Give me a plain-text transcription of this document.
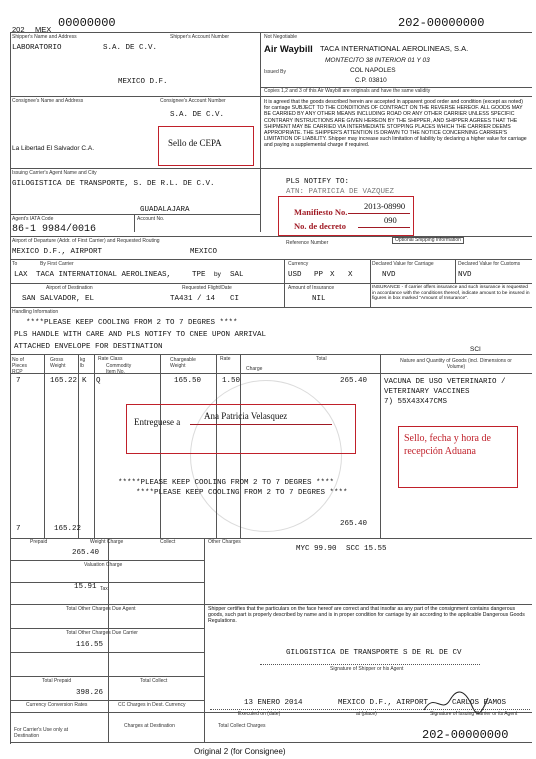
202 MEX 00000000	202-00000000
Shipper's Name and Address	Shipper's Account Number
LABORATORIO	S.A. DE C.V.
MEXICO D.F.
Not Negotiable
Air Waybill TACA INTERNATIONAL AEROLINEAS, S.A.
MONTECITO 38 INTERIOR 01 Y 03
COL NAPOLES
C.P. 03810
Issued By
Copies 1,2 and 3 of this Air Waybill are originals and have the same validity
Consignee's Name and Address	Consignee's Account Number
S.A. DE C.V.
La Libertad El Salvador C.A.
Sello de CEPA
It is agreed that the goods described herein are accepted in apparent good order and condition (except as noted) for carriage SUBJECT TO THE CONDITIONS OF CONTRACT ON THE REVERSE HEREOF. ALL GOODS MAY BE CARRIED BY ANY OTHER MEANS INCLUDING ROAD OR ANY OTHER CARRIER UNLESS SPECIFIC CONTRARY INSTRUCTIONS ARE GIVEN HEREON BY THE SHIPPER, AND SHIPPER AGREES THAT THE SHIPMENT MAY BE CARRIED VIA INTERMEDIATE STOPPING PLACES WHICH THE CARRIER DEEMS APPROPRIATE. THE SHIPPER'S ATTENTION IS DRAWN TO THE NOTICE CONCERNING CARRIER'S LIMITATION OF LIABILITY. Shipper may increase such limitation of liability by declaring a higher value for carriage and paying a supplemental charge if required.
Issuing Carrier's Agent Name and City
GILOGISTICA DE TRANSPORTE, S. DE R.L. DE C.V.
GUADALAJARA
PLS NOTIFY TO:
ATN: PATRICIA DE VAZQUEZ
Manifiesto No.
2013-08990
No. de decreto
090
Agent's IATA Code	Account No.
86-1 9984/0016
Airport of Departure (Addr. of First Carrier) and Requested Routing
MEXICO D.F., AIRPORT	MEXICO
Reference Number	Optional Shipping Information
To	By First Carrier
LAX TACA INTERNATIONAL AEROLINEAS,	TPE by SAL
Currency
USD PP X X
Declared Value for Carriage
NVD
Declared Value for Customs
NVD
Airport of Destination	Requested Flight/Date
SAN SALVADOR, EL	TA431 / 14 CI
Amount of Insurance
NIL
INSURANCE - If carrier offers insurance and such insurance is requested in accordance with the conditions thereof, indicate amount to be insured in figures in box marked "Amount of Insurance".
Handling Information
****PLEASE KEEP COOLING FROM 2 TO 7 DEGRES ****
PLS HANDLE WITH CARE AND PLS NOTIFY TO CNEE UPON ARRIVAL
ATTACHED ENVELOPE FOR DESTINATION	SCI
No of Pieces RCP
Gross Weight
kg lb
Rate Class
Commodity Item No.
Chargeable Weight
Rate
Charge
Total	Nature and Quantity of Goods (incl. Dimensions or Volume)
7	165.22 K Q	165.50	1.50	265.40 VACUNA DE USO VETERINARIO /
VETERINARY VACCINES
7) 55X43X47CMS
Entreguese a
Ana Patricia Velasquez
Sello, fecha y hora de recepción Aduana
*****PLEASE KEEP COOLING FROM 2 TO 7 DEGRES ****
****PLEASE KEEP COOLING FROM 2 TO 7 DEGRES ****
7	165.22
265.40
Prepaid	Weight Charge	Collect	Other Charges
265.40	MYC 99.90 SCC 15.55
Valuation Charge
15.91 Tax
Total Other Charges Due Agent
Total Other Charges Due Carrier
116.55
Total Prepaid	Total Collect
398.26
Currency Conversion Rates	CC Charges in Dest. Currency
For Carrier's Use only at Destination
Charges at Destination	Total Collect Charges
Shipper certifies that the particulars on the face hereof are correct and that insofar as any part of the consignment contains dangerous goods, such part is properly described by name and is in proper condition for carriage by air according to the applicable Dangerous Goods Regulations.
GILOGISTICA DE TRANSPORTE S DE RL DE CV
Signature of Shipper or his Agent
13 ENERO 2014	MEXICO D.F., AIRPORT	CARLOS RAMOS
Executed on (date)	at (place)	Signature of Issuing Carrier or its Agent
202-00000000
Original 2 (for Consignee)
